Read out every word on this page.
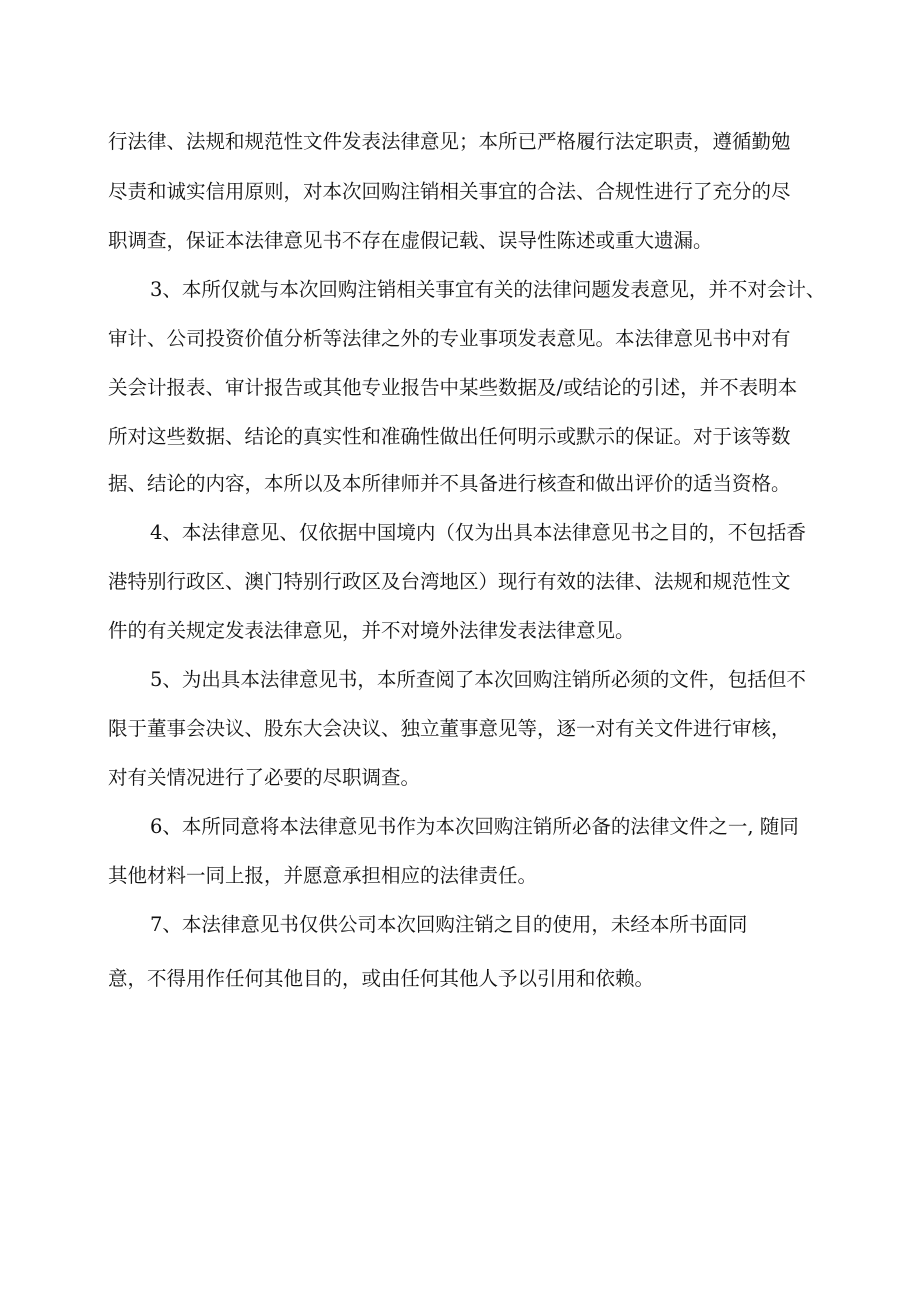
行法律、法规和规范性文件发表法律意见；本所已严格履行法定职责，遵循勤勉
尽责和诚实信用原则，对本次回购注销相关事宜的合法、合规性进行了充分的尽
职调查，保证本法律意见书不存在虚假记载、误导性陈述或重大遗漏。
3、本所仅就与本次回购注销相关事宜有关的法律问题发表意见，并不对会计、
审计、公司投资价值分析等法律之外的专业事项发表意见。本法律意见书中对有
关会计报表、审计报告或其他专业报告中某些数据及/或结论的引述，并不表明本
所对这些数据、结论的真实性和准确性做出任何明示或默示的保证。对于该等数
据、结论的内容，本所以及本所律师并不具备进行核查和做出评价的适当资格。
4、本法律意见、仅依据中国境内（仅为出具本法律意见书之目的，不包括香
港特别行政区、澳门特别行政区及台湾地区）现行有效的法律、法规和规范性文
件的有关规定发表法律意见，并不对境外法律发表法律意见。
5、为出具本法律意见书，本所查阅了本次回购注销所必须的文件，包括但不
限于董事会决议、股东大会决议、独立董事意见等，逐一对有关文件进行审核，
对有关情况进行了必要的尽职调查。
6、本所同意将本法律意见书作为本次回购注销所必备的法律文件之一, 随同
其他材料一同上报，并愿意承担相应的法律责任。
7、本法律意见书仅供公司本次回购注销之目的使用，未经本所书面同
意，不得用作任何其他目的，或由任何其他人予以引用和依赖。
